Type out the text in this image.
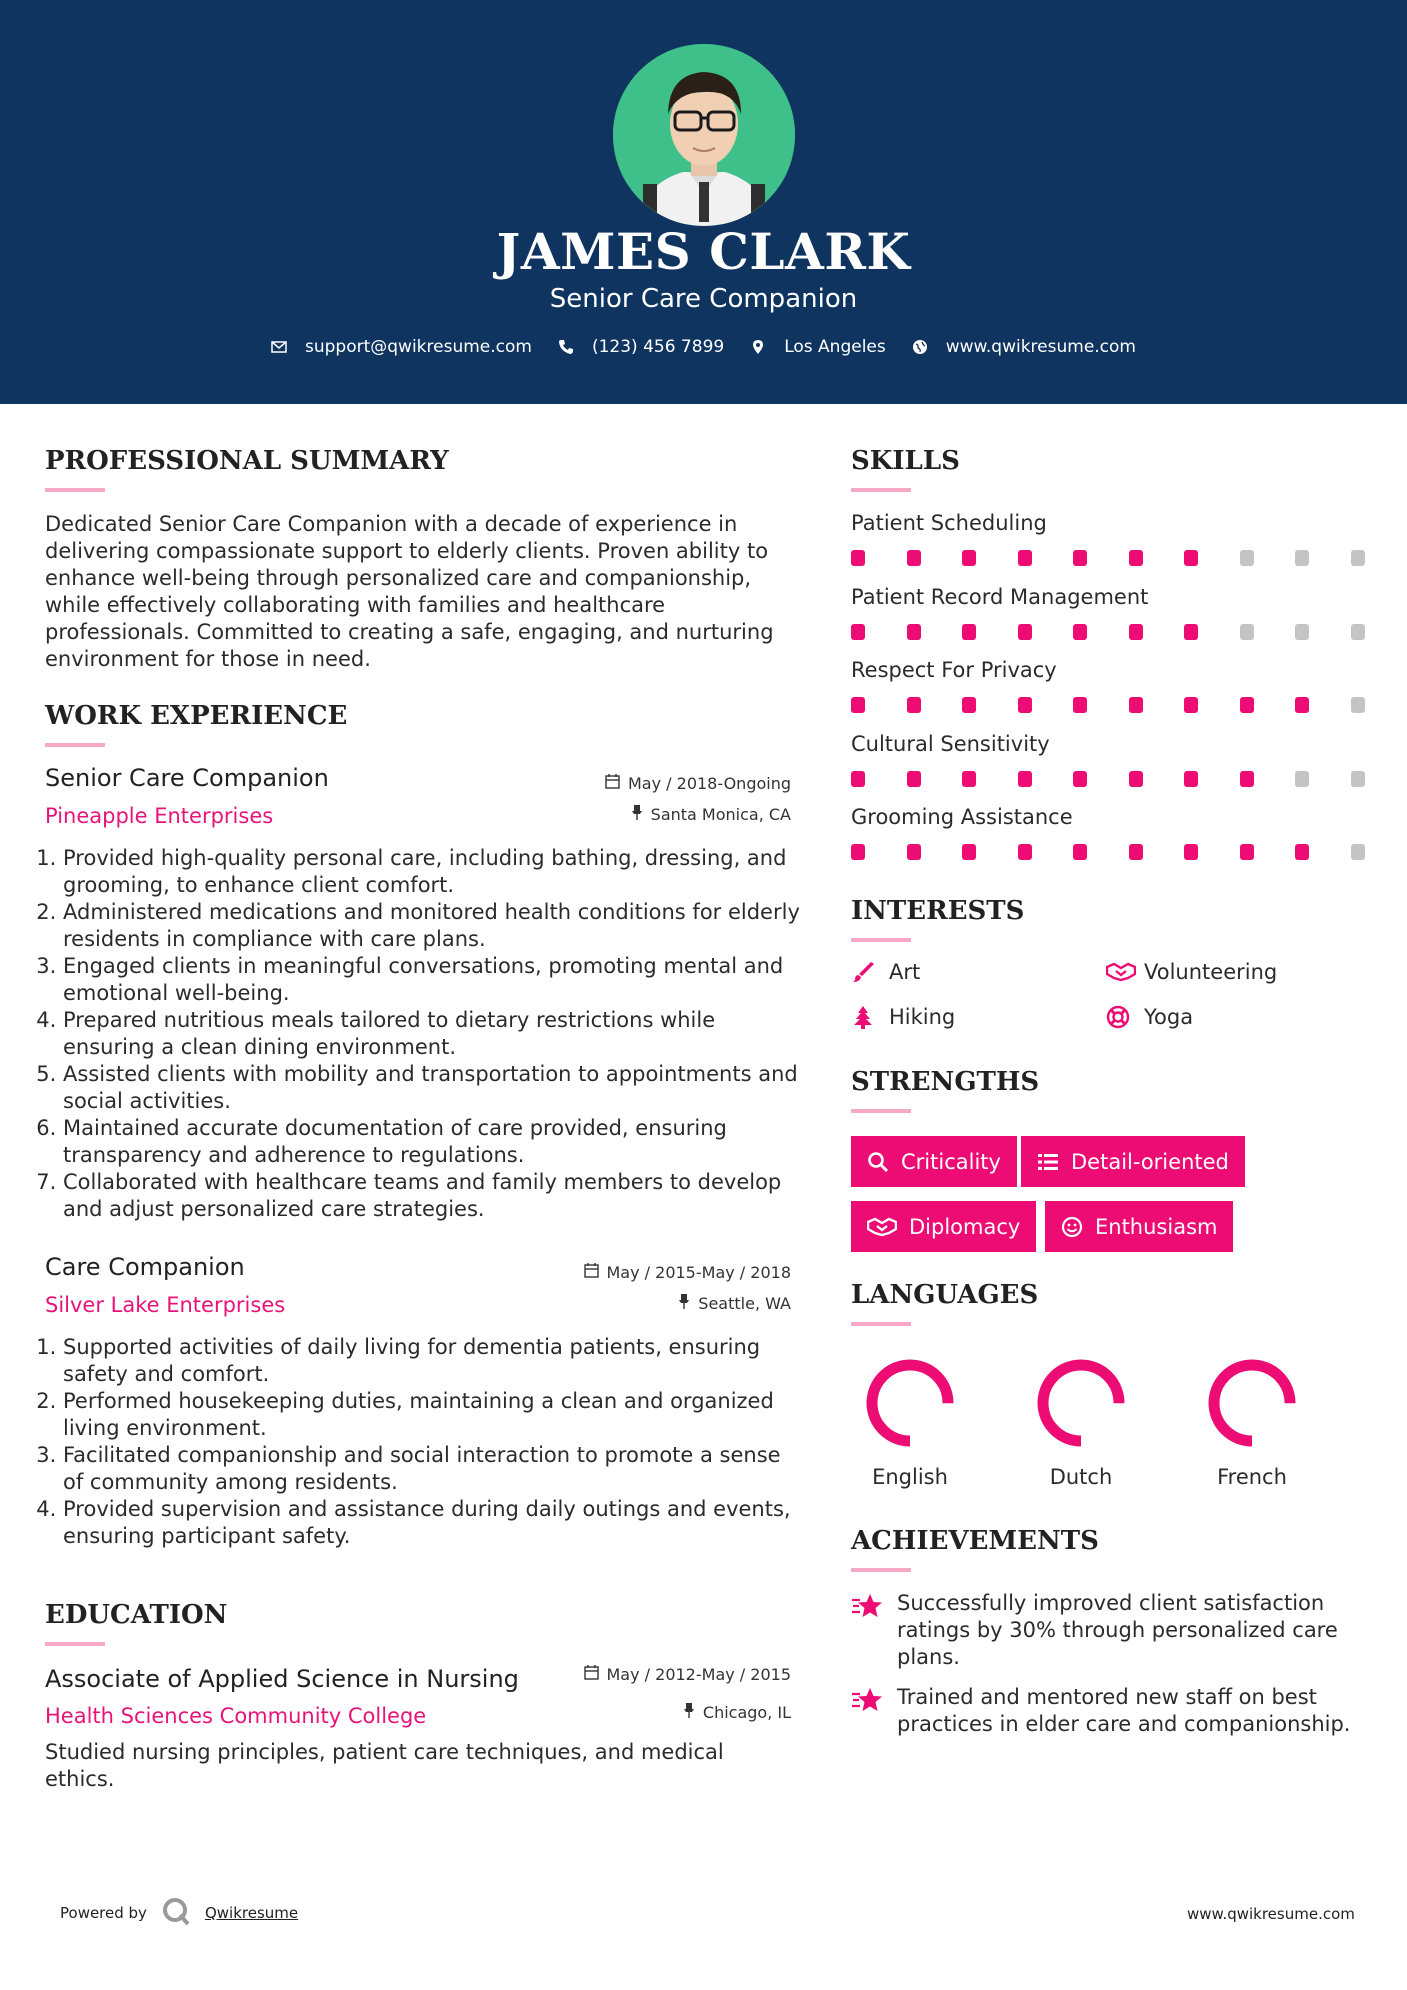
JAMES CLARK
Senior Care Companion
support@qwikresume.com	(123) 456 7899	Los Angeles	www.qwikresume.com
PROFESSIONAL SUMMARY
Dedicated Senior Care Companion with a decade of experience in delivering compassionate support to elderly clients. Proven ability to enhance well-being through personalized care and companionship, while effectively collaborating with families and healthcare professionals. Committed to creating a safe, engaging, and nurturing environment for those in need.
WORK EXPERIENCE
Senior Care Companion
Pineapple Enterprises
May / 2018-Ongoing
Santa Monica, CA
1. Provided high-quality personal care, including bathing, dressing, and grooming, to enhance client comfort.
2. Administered medications and monitored health conditions for elderly residents in compliance with care plans.
3. Engaged clients in meaningful conversations, promoting mental and emotional well-being.
4. Prepared nutritious meals tailored to dietary restrictions while ensuring a clean dining environment.
5. Assisted clients with mobility and transportation to appointments and social activities.
6. Maintained accurate documentation of care provided, ensuring transparency and adherence to regulations.
7. Collaborated with healthcare teams and family members to develop and adjust personalized care strategies.
Care Companion
Silver Lake Enterprises
May / 2015-May / 2018
Seattle, WA
1. Supported activities of daily living for dementia patients, ensuring safety and comfort.
2. Performed housekeeping duties, maintaining a clean and organized living environment.
3. Facilitated companionship and social interaction to promote a sense of community among residents.
4. Provided supervision and assistance during daily outings and events, ensuring participant safety.
EDUCATION
Associate of Applied Science in Nursing
Health Sciences Community College
May / 2012-May / 2015
Chicago, IL
Studied nursing principles, patient care techniques, and medical ethics.
SKILLS
Patient Scheduling
Patient Record Management
Respect For Privacy
Cultural Sensitivity
Grooming Assistance
INTERESTS
Art	Volunteering
Hiking	Yoga
STRENGTHS
Criticality	Detail-oriented
Diplomacy	Enthusiasm
LANGUAGES
English	Dutch	French
ACHIEVEMENTS
Successfully improved client satisfaction ratings by 30% through personalized care plans.
Trained and mentored new staff on best practices in elder care and companionship.
Powered by	Qwikresume	www.qwikresume.com
